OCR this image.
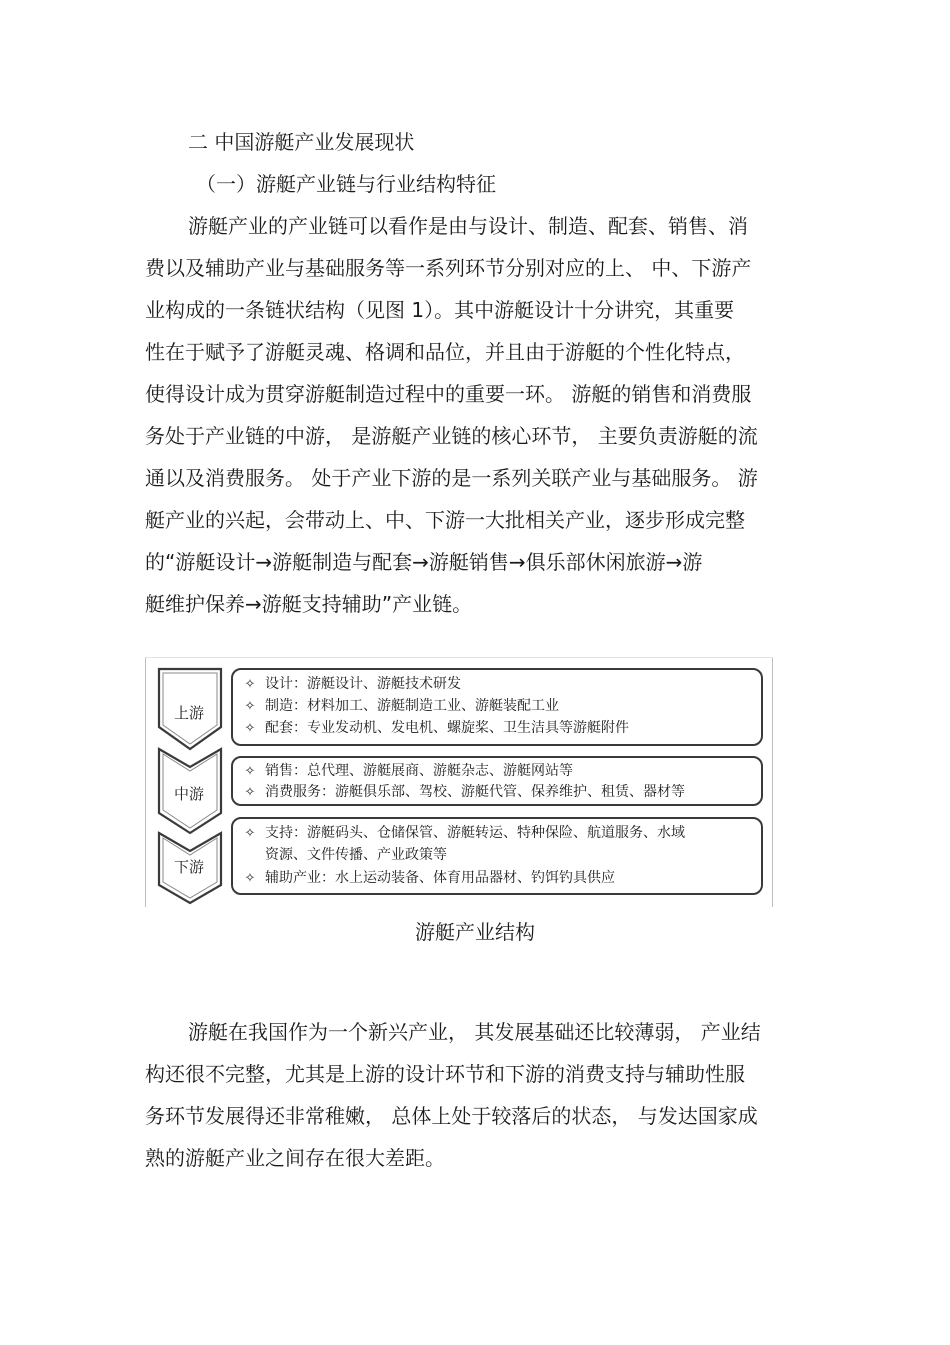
二 中国游艇产业发展现状
（一）游艇产业链与行业结构特征
游艇产业的产业链可以看作是由与设计、制造、配套、销售、消
费以及辅助产业与基础服务等一系列环节分别对应的上、 中、下游产
业构成的一条链状结构（见图 1）。其中游艇设计十分讲究，其重要
性在于赋予了游艇灵魂、格调和品位，并且由于游艇的个性化特点，
使得设计成为贯穿游艇制造过程中的重要一环。 游艇的销售和消费服
务处于产业链的中游， 是游艇产业链的核心环节， 主要负责游艇的流
通以及消费服务。 处于产业下游的是一系列关联产业与基础服务。 游
艇产业的兴起，会带动上、中、下游一大批相关产业，逐步形成完整
的“游艇设计→游艇制造与配套→游艇销售→俱乐部休闲旅游→游
艇维护保养→游艇支持辅助”产业链。
上游
中游
下游
✧ 设计：游艇设计、游艇技术研发
✧ 制造：材料加工、游艇制造工业、游艇装配工业
✧ 配套：专业发动机、发电机、螺旋桨、卫生洁具等游艇附件
✧ 销售：总代理、游艇展商、游艇杂志、游艇网站等
✧ 消费服务：游艇俱乐部、驾校、游艇代管、保养维护、租赁、器材等
✧ 支持：游艇码头、仓储保管、游艇转运、特种保险、航道服务、水域
资源、文件传播、产业政策等
✧ 辅助产业：水上运动装备、体育用品器材、钓饵钓具供应
游艇产业结构
游艇在我国作为一个新兴产业， 其发展基础还比较薄弱， 产业结
构还很不完整，尤其是上游的设计环节和下游的消费支持与辅助性服
务环节发展得还非常稚嫩， 总体上处于较落后的状态， 与发达国家成
熟的游艇产业之间存在很大差距。
